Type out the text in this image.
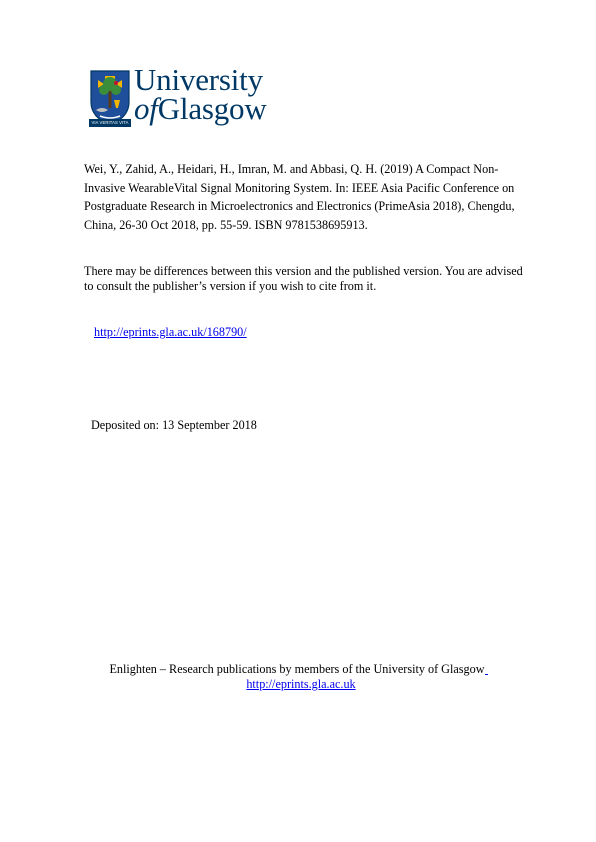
VIA VERITAS VITA
University
ofGlasgow
Wei, Y., Zahid, A., Heidari, H., Imran, M. and Abbasi, Q. H. (2019) A Compact Non-Invasive WearableVital Signal Monitoring System. In: IEEE Asia Pacific Conference on Postgraduate Research in Microelectronics and Electronics (PrimeAsia 2018), Chengdu, China, 26-30 Oct 2018, pp. 55-59. ISBN 9781538695913.
There may be differences between this version and the published version. You are advised to consult the publisher’s version if you wish to cite from it.
http://eprints.gla.ac.uk/168790/
Deposited on: 13 September 2018
Enlighten – Research publications by members of the University of Glasgow
http://eprints.gla.ac.uk
